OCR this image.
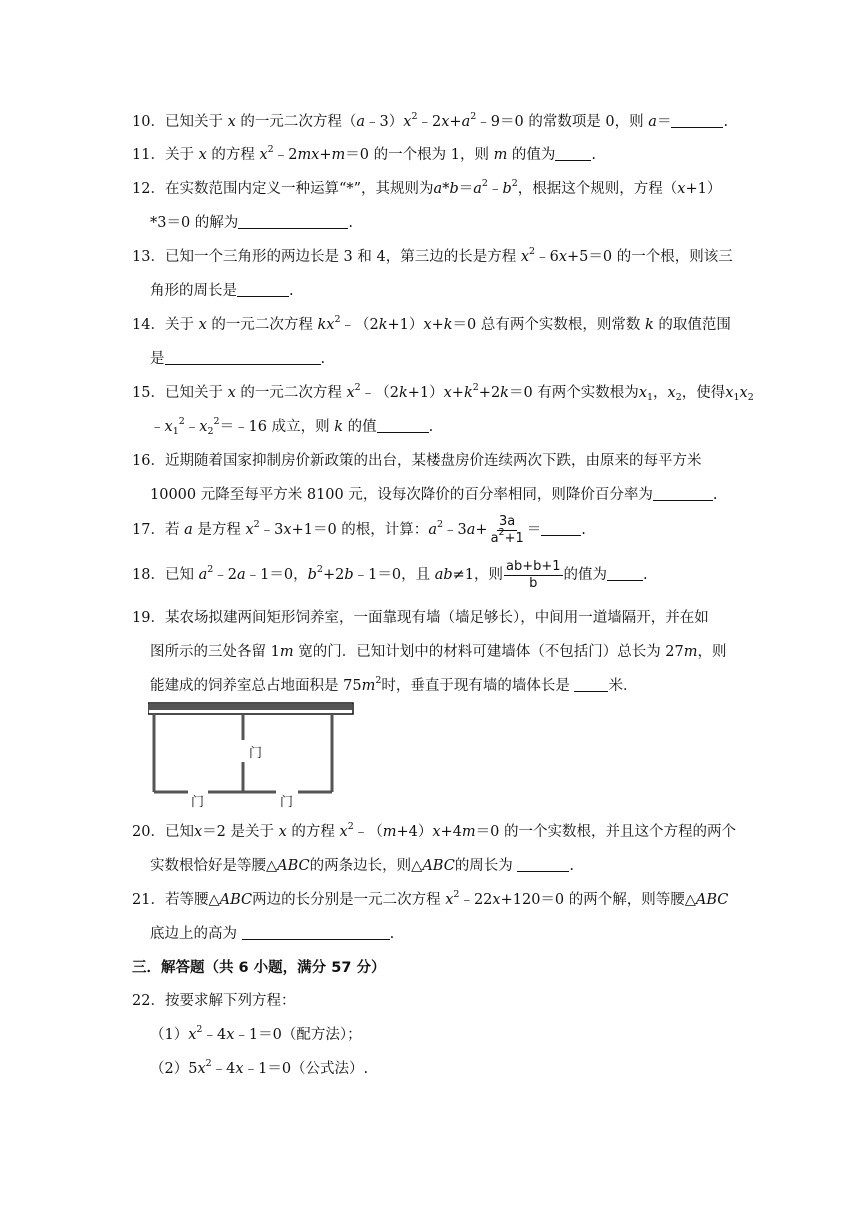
10．已知关于 x 的一元二次方程$(a﹣3)x^2﹣2x+a^2﹣9=0$ 的常数项是 0，则 a＝	.
11．关于 x 的方程 $x^2﹣2mx+m=0$ 的一个根为 1，则 m 的值为 .
12．在实数范围内定义一种运算“*”，其规则为$a*b=a^2﹣b^2$，根据这个规则，方程（x+1）
*3＝0 的解为	.
13．已知一个三角形的两边长是 3 和 4，第三边的长是方程 $x^2﹣6x+5=0$ 的一个根，则该三
角形的周长是	.
14．关于 x 的一元二次方程 $kx^2﹣(2k+1)x+k=0$ 总有两个实数根，则常数 k 的取值范围
是	.
15．已知关于 x 的一元二次方程 $x^2﹣(2k+1)x+k^2+2k=0$ 有两个实数根为$x_1$，$x_2$，使得$x_1x_2$
$﹣x_1^2﹣x_2^2=﹣16$ 成立，则 k 的值	.
16．近期随着国家抑制房价新政策的出台，某楼盘房价连续两次下跌，由原来的每平方米
10000 元降至每平方米 8100 元，设每次降价的百分率相同，则降价百分率为	.
17．若 a 是方程 $x^2﹣3x+1=0$ 的根，计算：$a^2﹣3a+ \frac{3a}{a^2+1}$ ＝	.
18．已知 $a^2﹣2a﹣1=0$，$b^2+2b﹣1=0$，且 ab≠1，则 $\frac{ab+b+1}{b}$ 的值为 .
19．某农场拟建两间矩形饲养室，一面靠现有墙（墙足够长），中间用一道墙隔开，并在如
图所示的三处各留 1m 宽的门．已知计划中的材料可建墙体（不包括门）总长为 27m，则
能建成的饲养室总占地面积是 $75m^2$时，垂直于现有墙的墙体长是 米．
门
门	门
20．已知x＝2 是关于 x 的方程 $x^2﹣(m+4)x+4m=0$ 的一个实数根，并且这个方程的两个
实数根恰好是等腰△ABC的两条边长，则△ABC的周长为	.
21．若等腰△ABC两边的长分别是一元二次方程 $x^2﹣22x+120=0$ 的两个解，则等腰△ABC
底边上的高为	.
三．解答题（共 6 小题，满分 57 分）
22．按要求解下列方程：
$(1)x^2﹣4x﹣1=0$（配方法）；
$(2)5x^2﹣4x﹣1=0$（公式法）.
